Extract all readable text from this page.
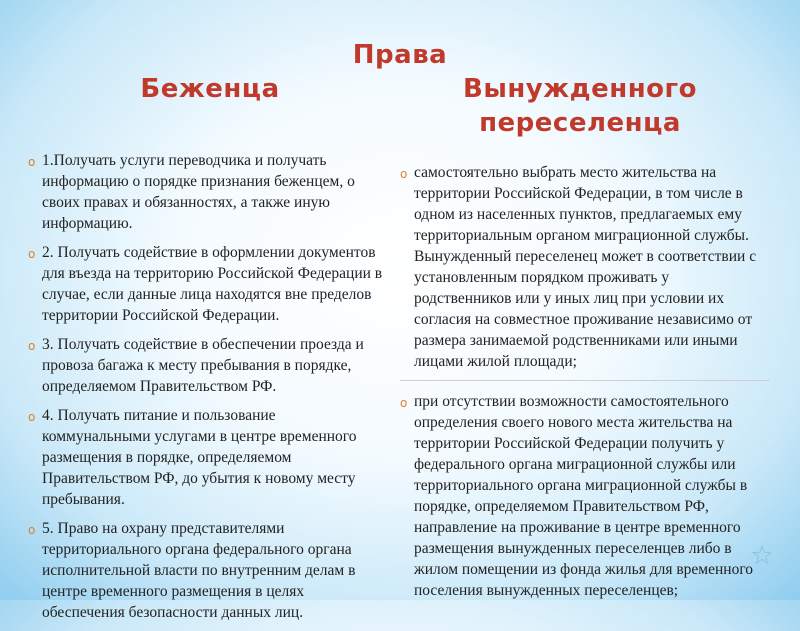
Права
Беженца	Вынужденного
переселенца
o 1.Получать услуги переводчика и получать информацию о порядке признания беженцем, о своих правах и обязанностях, а также иную информацию.
o 2. Получать содействие в оформлении документов для въезда на территорию Российской Федерации в случае, если данные лица находятся вне пределов территории Российской Федерации.
o 3. Получать содействие в обеспечении проезда и провоза багажа к месту пребывания в порядке, определяемом Правительством РФ.
o 4. Получать питание и пользование коммунальными услугами в центре временного размещения в порядке, определяемом Правительством РФ, до убытия к новому месту пребывания.
o 5. Право на охрану представителями территориального органа федерального органа исполнительной власти по внутренним делам в центре временного размещения в целях обеспечения безопасности данных лиц.
o самостоятельно выбрать место жительства на территории Российской Федерации, в том числе в одном из населенных пунктов, предлагаемых ему территориальным органом миграционной службы. Вынужденный переселенец может в соответствии с установленным порядком проживать у родственников или у иных лиц при условии их согласия на совместное проживание независимо от размера занимаемой родственниками или иными лицами жилой площади;
o при отсутствии возможности самостоятельного определения своего нового места жительства на территории Российской Федерации получить у федерального органа миграционной службы или территориального органа миграционной службы в порядке, определяемом Правительством РФ, направление на проживание в центре временного размещения вынужденных переселенцев либо в жилом помещении из фонда жилья для временного поселения вынужденных переселенцев;
